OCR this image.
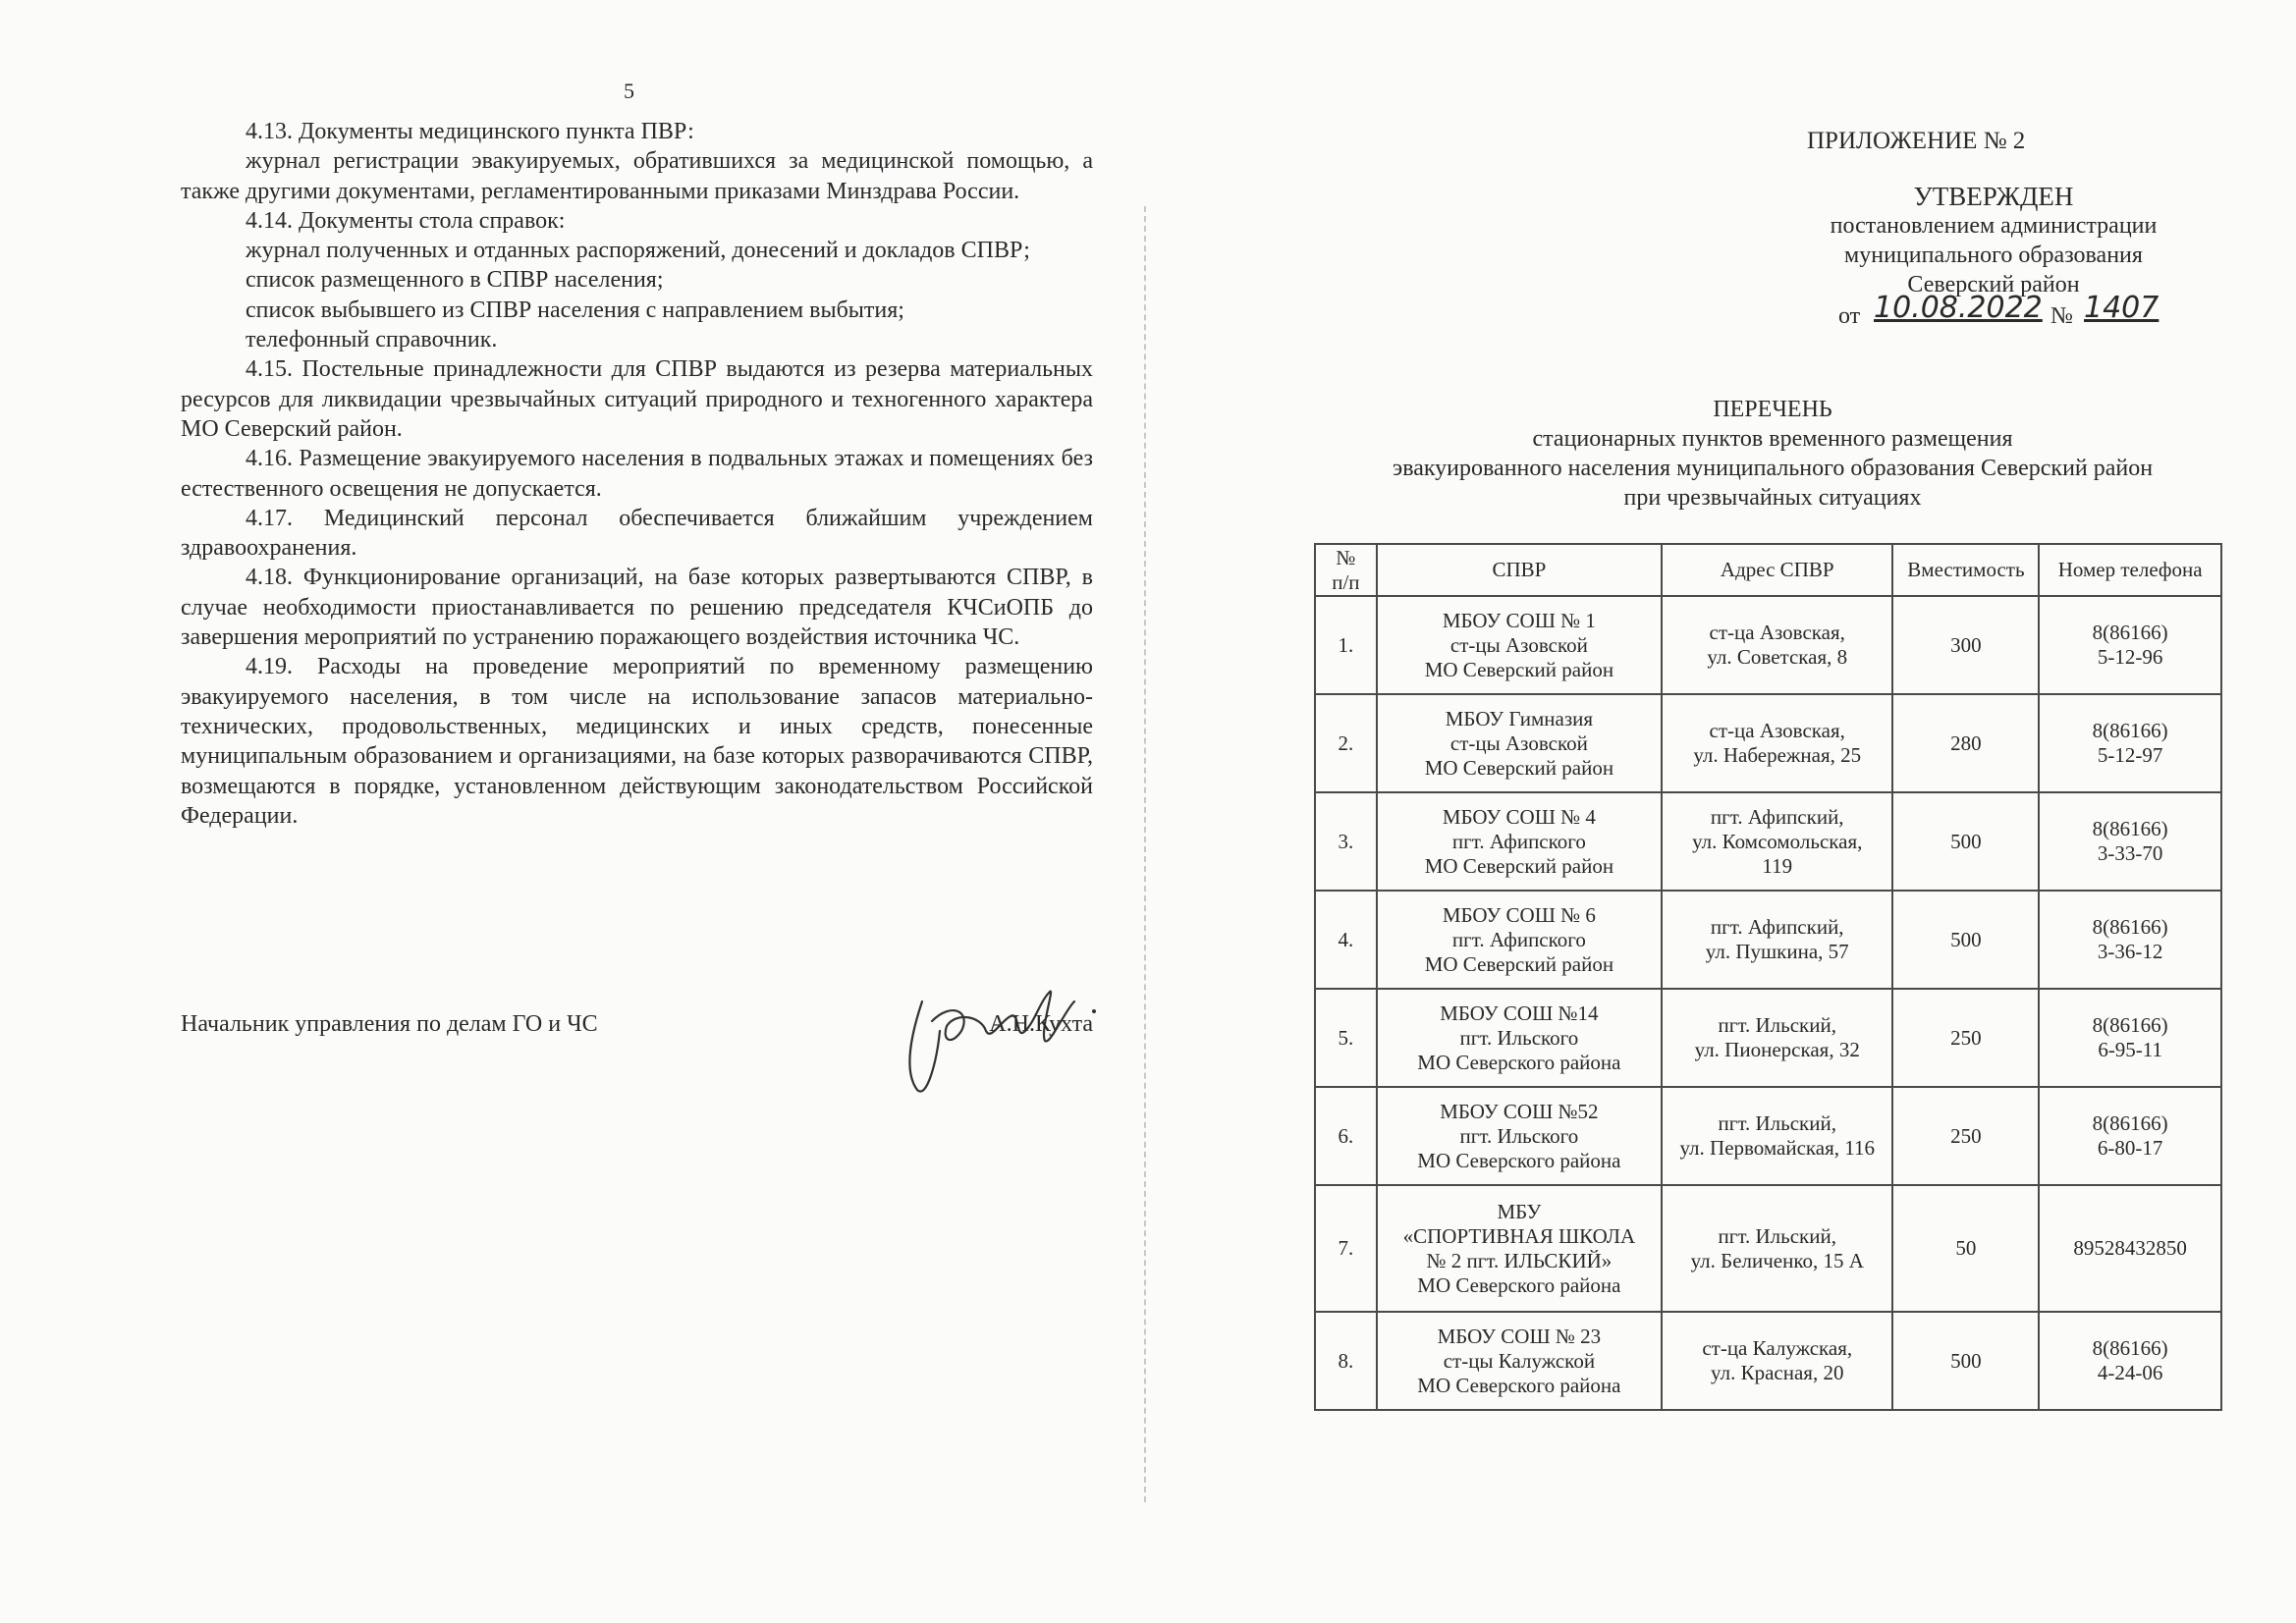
5

4.13. Документы медицинского пункта ПВР:

журнал регистрации эвакуируемых, обратившихся за медицинской помощью, а также другими документами, регламентированными приказами Минздрава России.

4.14. Документы стола справок:

журнал полученных и отданных распоряжений, донесений и докладов СПВР;

список размещенного в СПВР населения;

список выбывшего из СПВР населения с направлением выбытия;

телефонный справочник.

4.15. Постельные принадлежности для СПВР выдаются из резерва материальных ресурсов для ликвидации чрезвычайных ситуаций природного и техногенного характера МО Северский район.

4.16. Размещение эвакуируемого населения в подвальных этажах и помещениях без естественного освещения не допускается.

4.17. Медицинский персонал обеспечивается ближайшим учреждением здравоохранения.

4.18. Функционирование организаций, на базе которых развертываются СПВР, в случае необходимости приостанавливается по решению председателя КЧСиОПБ до завершения мероприятий по устранению поражающего воздействия источника ЧС.

4.19. Расходы на проведение мероприятий по временному размещению эвакуируемого населения, в том числе на использование запасов материально-технических, продовольственных, медицинских и иных средств, понесенные муниципальным образованием и организациями, на базе которых разворачиваются СПВР, возмещаются в порядке, установленном действующим законодательством Российской Федерации.

Начальник управления по делам ГО и ЧС	А.Н.Кухта
ПРИЛОЖЕНИЕ № 2
УТВЕРЖДЕН
постановлением администрации
муниципального образования
Северский район
от 10.08.2022 № 1407
ПЕРЕЧЕНЬ
стационарных пунктов временного размещения
эвакуированного населения муниципального образования Северский район
при чрезвычайных ситуациях
№
п/п	СПВР	Адрес СПВР	Вместимость	Номер телефона
1.	МБОУ СОШ № 1
ст-цы Азовской
МО Северский район	ст-ца Азовская,
ул. Советская, 8	300	8(86166)
5-12-96

2.	МБОУ Гимназия
ст-цы Азовской
МО Северский район	ст-ца Азовская,
ул. Набережная, 25	280	8(86166)
5-12-97

3.	МБОУ СОШ № 4
пгт. Афипского
МО Северский район	пгт. Афипский,
ул. Комсомольская,
119	500	8(86166)
3-33-70

4.	МБОУ СОШ № 6
пгт. Афипского
МО Северский район	пгт. Афипский,
ул. Пушкина, 57	500	8(86166)
3-36-12

5.	МБОУ СОШ №14
пгт. Ильского
МО Северского района	пгт. Ильский,
ул. Пионерская, 32	250	8(86166)
6-95-11

6.	МБОУ СОШ №52
пгт. Ильского
МО Северского района	пгт. Ильский,
ул. Первомайская, 116	250	8(86166)
6-80-17

7.	МБУ
«СПОРТИВНАЯ ШКОЛА
№ 2 пгт. ИЛЬСКИЙ»
МО Северского района	пгт. Ильский,
ул. Беличенко, 15 А	50	89528432850

8.	МБОУ СОШ № 23
ст-цы Калужской
МО Северского района	ст-ца Калужская,
ул. Красная, 20	500	8(86166)
4-24-06
